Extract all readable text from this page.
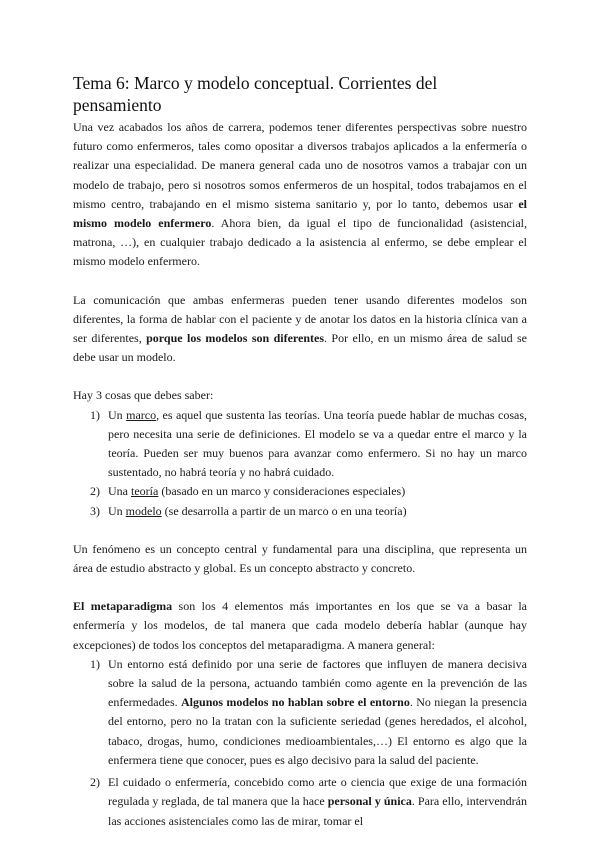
Tema 6: Marco y modelo conceptual. Corrientes del pensamiento

Una vez acabados los años de carrera, podemos tener diferentes perspectivas sobre nuestro futuro como enfermeros, tales como opositar a diversos trabajos aplicados a la enfermería o realizar una especialidad. De manera general cada uno de nosotros vamos a trabajar con un modelo de trabajo, pero si nosotros somos enfermeros de un hospital, todos trabajamos en el mismo centro, trabajando en el mismo sistema sanitario y, por lo tanto, debemos usar el mismo modelo enfermero. Ahora bien, da igual el tipo de funcionalidad (asistencial, matrona, …), en cualquier trabajo dedicado a la asistencia al enfermo, se debe emplear el mismo modelo enfermero.

La comunicación que ambas enfermeras pueden tener usando diferentes modelos son diferentes, la forma de hablar con el paciente y de anotar los datos en la historia clínica van a ser diferentes, porque los modelos son diferentes. Por ello, en un mismo área de salud se debe usar un modelo.

Hay 3 cosas que debes saber:

1) Un marco, es aquel que sustenta las teorías. Una teoría puede hablar de muchas cosas, pero necesita una serie de definiciones. El modelo se va a quedar entre el marco y la teoría. Pueden ser muy buenos para avanzar como enfermero. Si no hay un marco sustentado, no habrá teoría y no habrá cuidado.
2) Una teoría (basado en un marco y consideraciones especiales)
3) Un modelo (se desarrolla a partir de un marco o en una teoría)

Un fenómeno es un concepto central y fundamental para una disciplina, que representa un área de estudio abstracto y global. Es un concepto abstracto y concreto.

El metaparadigma son los 4 elementos más importantes en los que se va a basar la enfermería y los modelos, de tal manera que cada modelo debería hablar (aunque hay excepciones) de todos los conceptos del metaparadigma. A manera general:

1) Un entorno está definido por una serie de factores que influyen de manera decisiva sobre la salud de la persona, actuando también como agente en la prevención de las enfermedades. Algunos modelos no hablan sobre el entorno. No niegan la presencia del entorno, pero no la tratan con la suficiente seriedad (genes heredados, el alcohol, tabaco, drogas, humo, condiciones medioambientales,…) El entorno es algo que la enfermera tiene que conocer, pues es algo decisivo para la salud del paciente.
2) El cuidado o enfermería, concebido como arte o ciencia que exige de una formación regulada y reglada, de tal manera que la hace personal y única. Para ello, intervendrán las acciones asistenciales como las de mirar, tomar el
